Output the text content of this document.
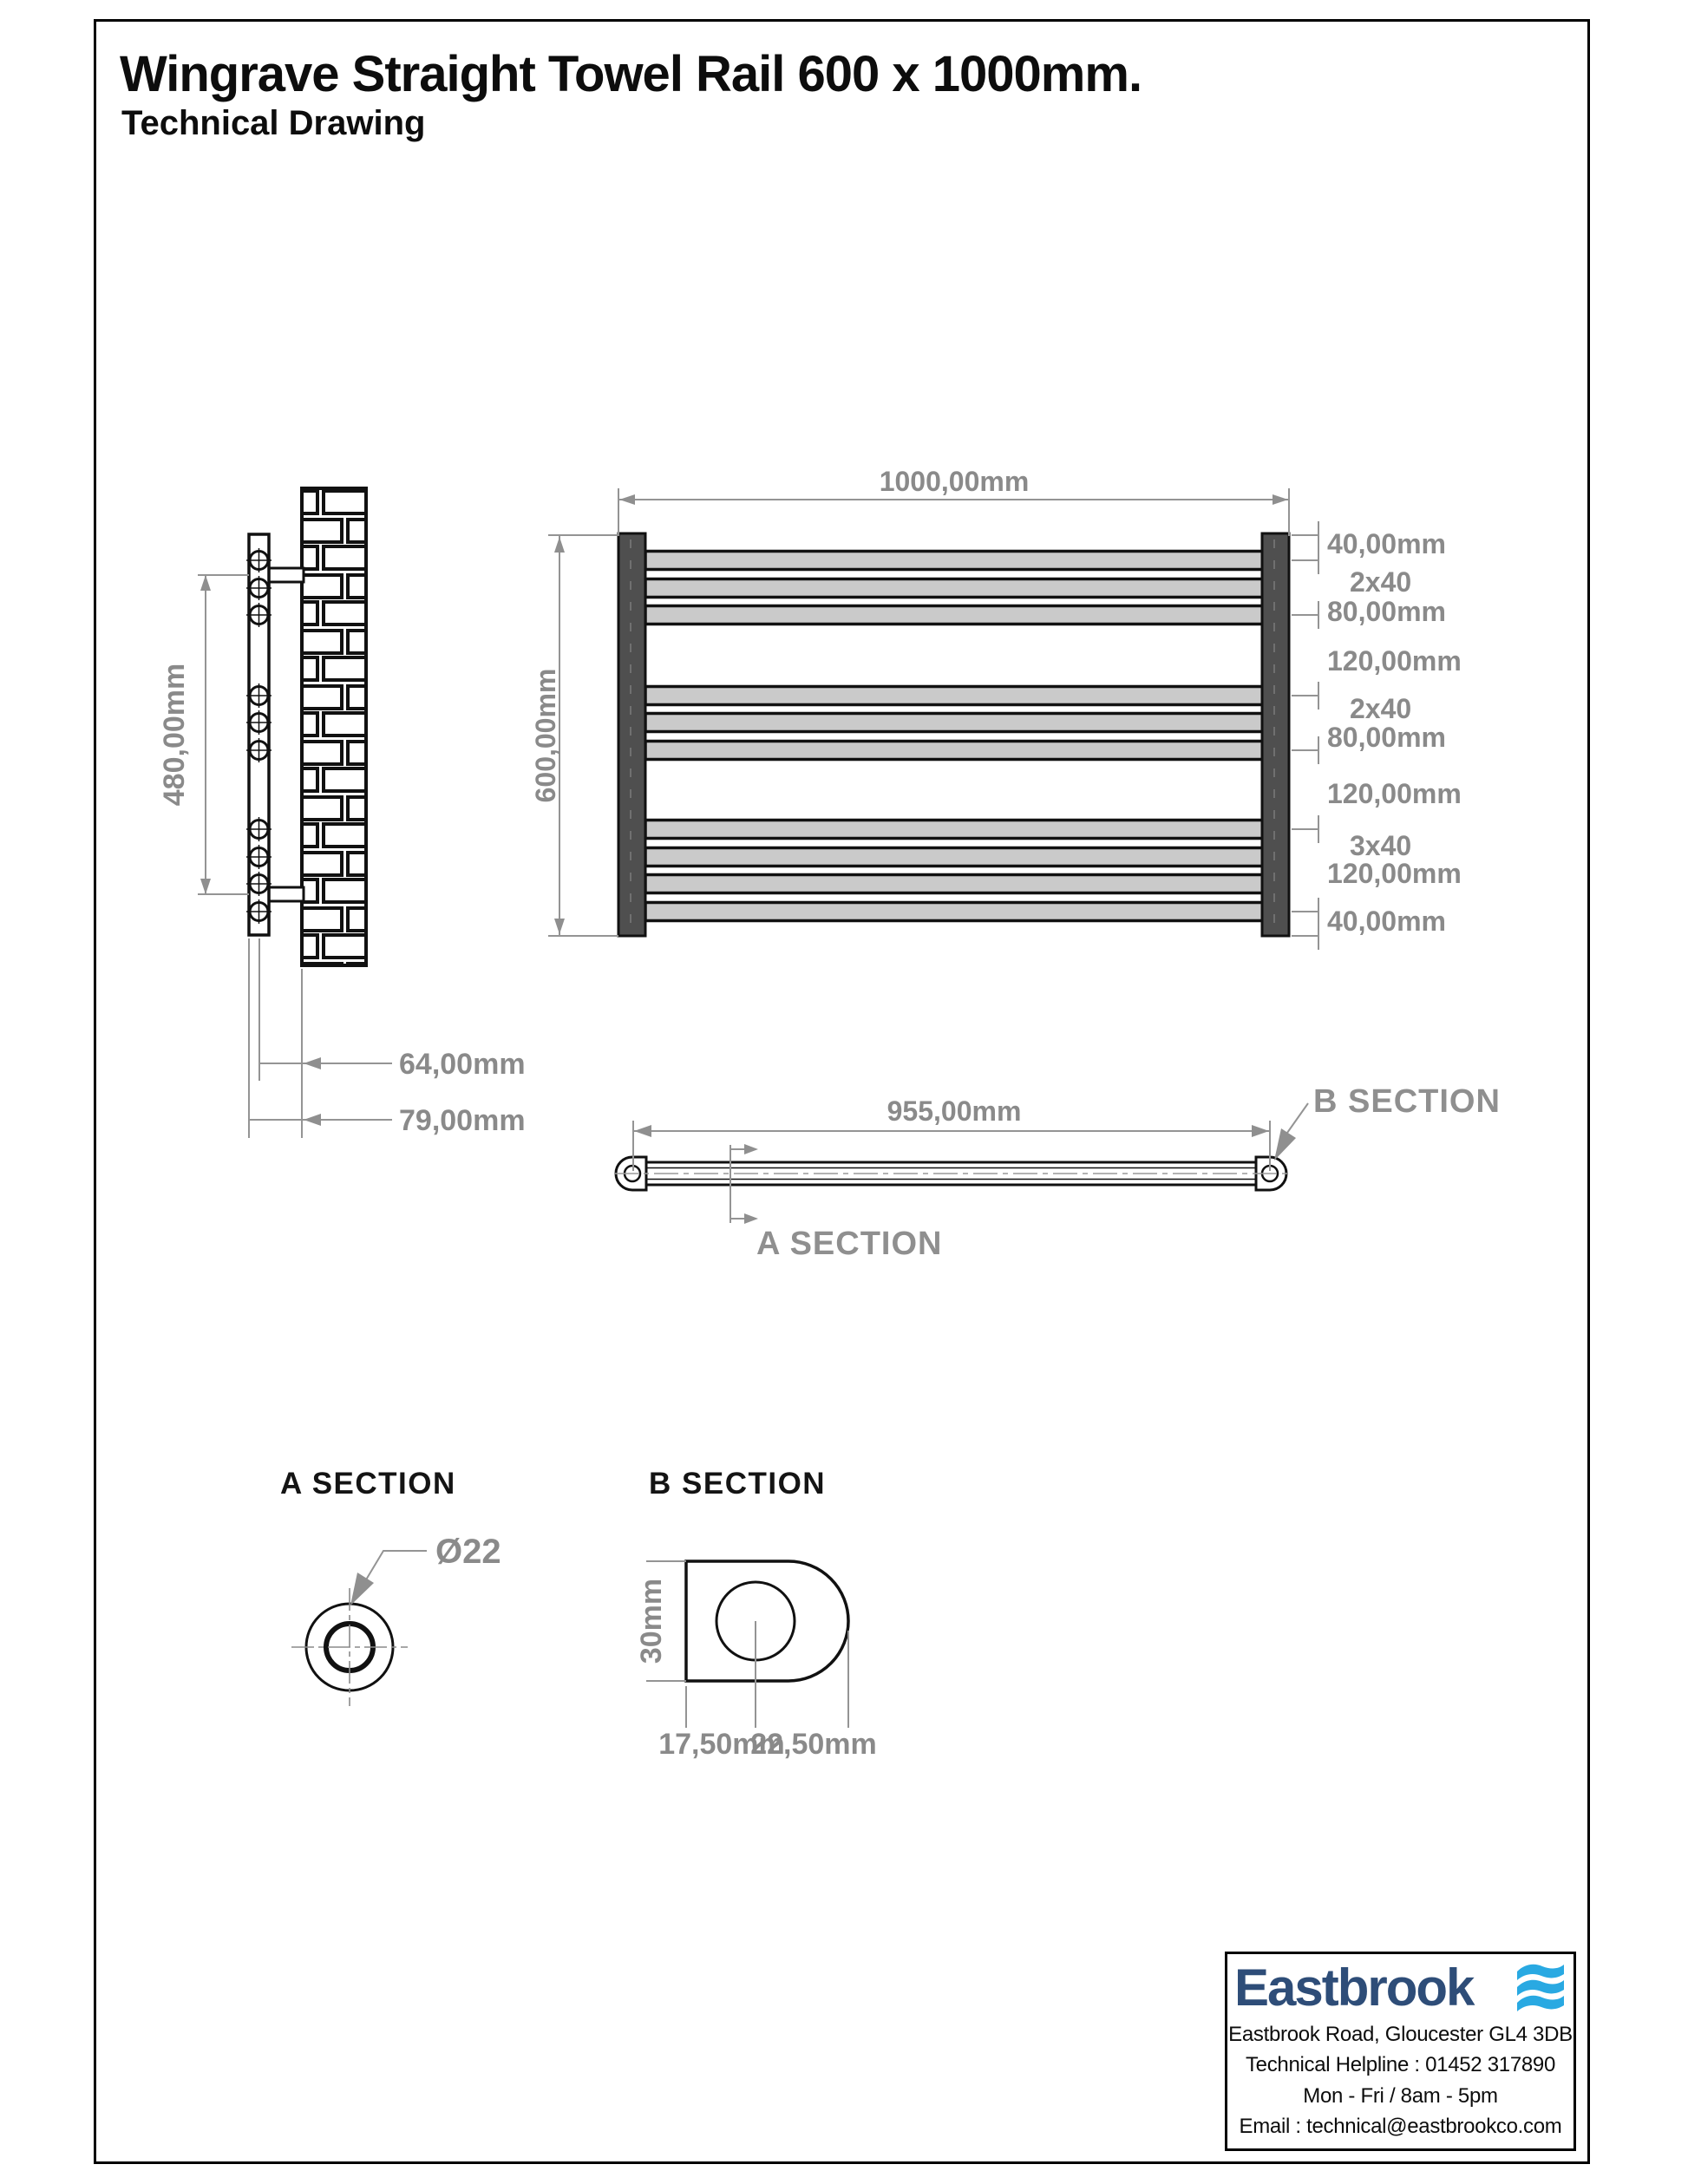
Wingrave Straight Towel Rail 600 x 1000mm.
Technical Drawing
480,00mm
64,00mm
79,00mm
1000,00mm
600,00mm
40,00mm
2x40
80,00mm
120,00mm
2x40
80,00mm
120,00mm
3x40
120,00mm
40,00mm
955,00mm
A SECTION
B SECTION
A SECTION
Ø22
B SECTION
30mm
17,50mm
22,50mm
Eastbrook
Eastbrook Road, Gloucester GL4 3DB
Technical Helpline : 01452 317890
Mon - Fri / 8am - 5pm
Email : technical@eastbrookco.com
